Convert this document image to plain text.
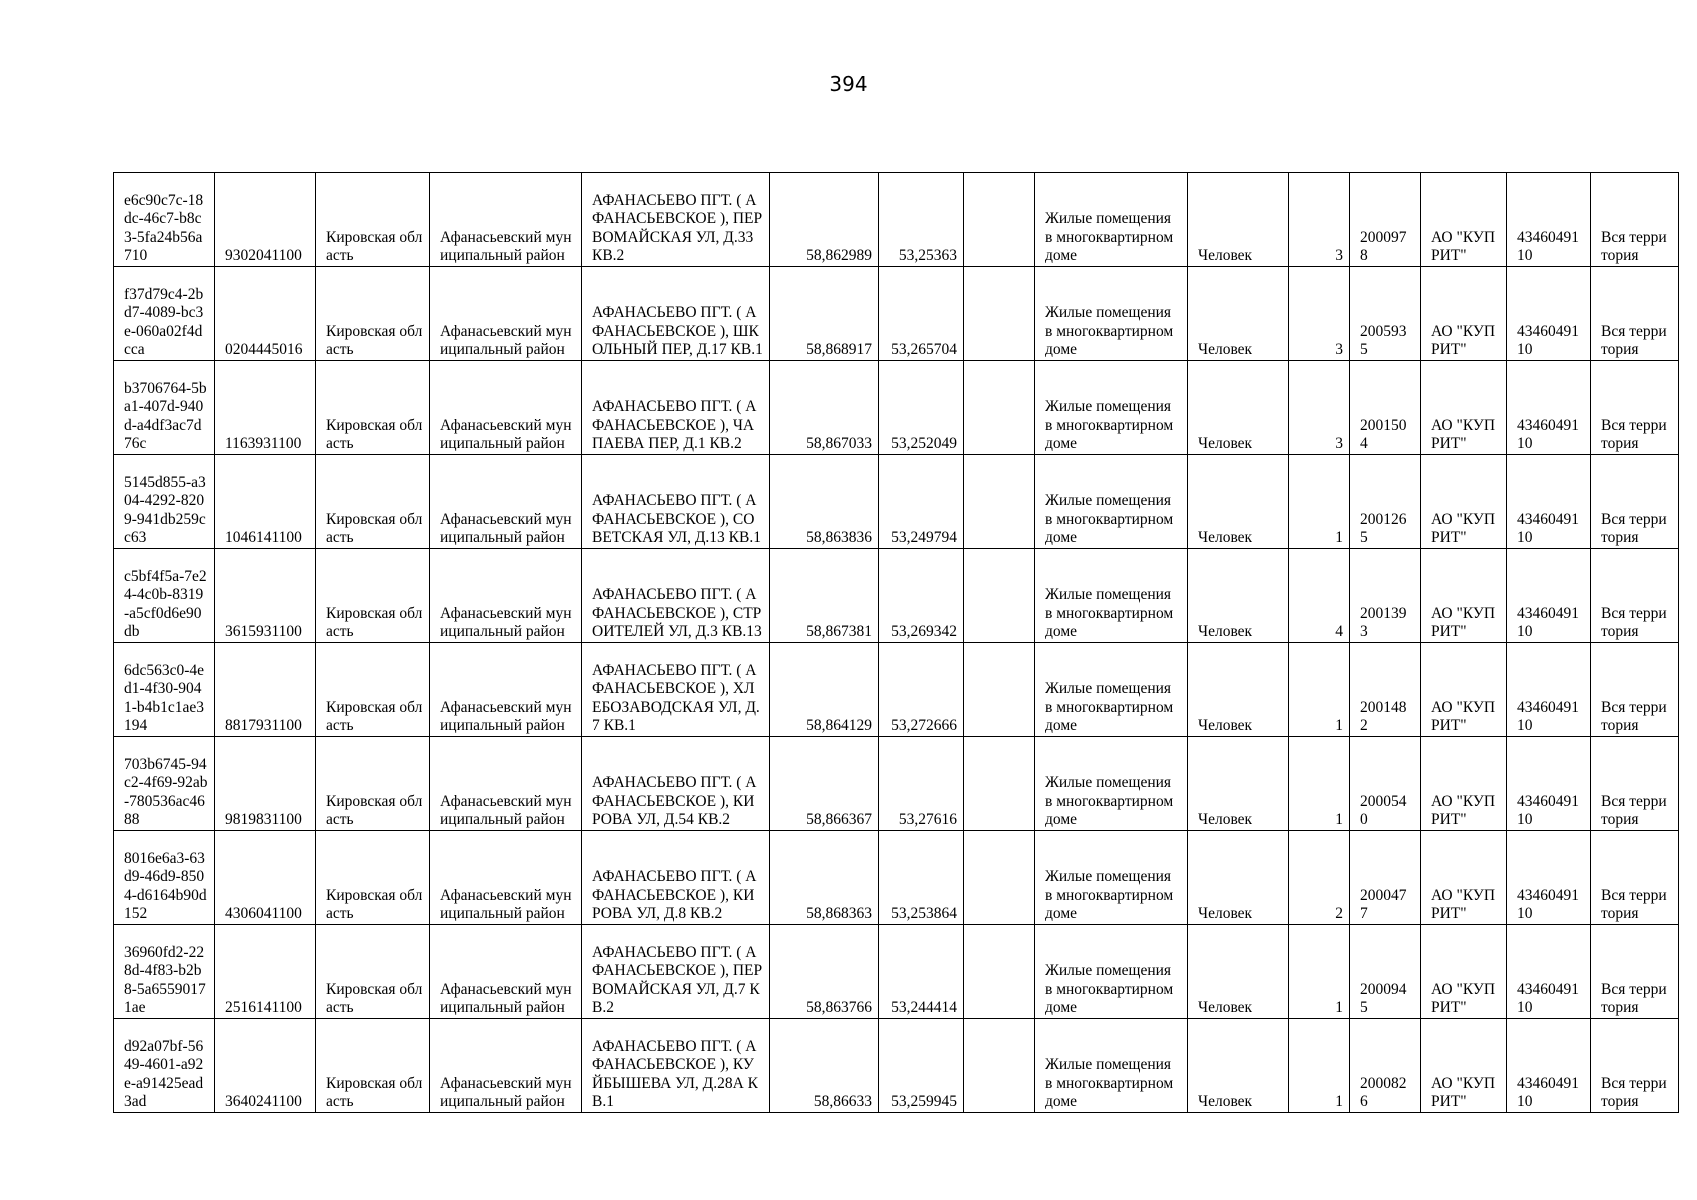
394
e6c90c7c-18dc-46c7-b8c3-5fa24b56a710	9302041100	Кировская область	Афанасьевский муниципальный район	АФАНАСЬЕВО ПГТ. ( АФАНАСЬЕВСКОЕ ), ПЕРВОМАЙСКАЯ УЛ, Д.33 КВ.2	58,862989	53,25363		Жилые помещения в многоквартирном доме	Человек	3	2000978	АО "КУПРИТ"	4346049110	Вся территория

f37d79c4-2bd7-4089-bc3e-060a02f4dcca	0204445016	Кировская область	Афанасьевский муниципальный район	АФАНАСЬЕВО ПГТ. ( АФАНАСЬЕВСКОЕ ), ШКОЛЬНЫЙ ПЕР, Д.17 КВ.1	58,868917	53,265704		Жилые помещения в многоквартирном доме	Человек	3	2005935	АО "КУПРИТ"	4346049110	Вся территория

b3706764-5ba1-407d-940d-a4df3ac7d76c	1163931100	Кировская область	Афанасьевский муниципальный район	АФАНАСЬЕВО ПГТ. ( АФАНАСЬЕВСКОЕ ), ЧАПАЕВА ПЕР, Д.1 КВ.2	58,867033	53,252049		Жилые помещения в многоквартирном доме	Человек	3	2001504	АО "КУПРИТ"	4346049110	Вся территория

5145d855-a304-4292-8209-941db259cc63	1046141100	Кировская область	Афанасьевский муниципальный район	АФАНАСЬЕВО ПГТ. ( АФАНАСЬЕВСКОЕ ), СОВЕТСКАЯ УЛ, Д.13 КВ.1	58,863836	53,249794		Жилые помещения в многоквартирном доме	Человек	1	2001265	АО "КУПРИТ"	4346049110	Вся территория

c5bf4f5a-7e24-4c0b-8319-a5cf0d6e90db	3615931100	Кировская область	Афанасьевский муниципальный район	АФАНАСЬЕВО ПГТ. ( АФАНАСЬЕВСКОЕ ), СТРОИТЕЛЕЙ УЛ, Д.3 КВ.13	58,867381	53,269342		Жилые помещения в многоквартирном доме	Человек	4	2001393	АО "КУПРИТ"	4346049110	Вся территория

6dc563c0-4ed1-4f30-9041-b4b1c1ae3194	8817931100	Кировская область	Афанасьевский муниципальный район	АФАНАСЬЕВО ПГТ. ( АФАНАСЬЕВСКОЕ ), ХЛЕБОЗАВОДСКАЯ УЛ, Д.7 КВ.1	58,864129	53,272666		Жилые помещения в многоквартирном доме	Человек	1	2001482	АО "КУПРИТ"	4346049110	Вся территория

703b6745-94c2-4f69-92ab-780536ac4688	9819831100	Кировская область	Афанасьевский муниципальный район	АФАНАСЬЕВО ПГТ. ( АФАНАСЬЕВСКОЕ ), КИРОВА УЛ, Д.54 КВ.2	58,866367	53,27616		Жилые помещения в многоквартирном доме	Человек	1	2000540	АО "КУПРИТ"	4346049110	Вся территория

8016e6a3-63d9-46d9-8504-d6164b90d152	4306041100	Кировская область	Афанасьевский муниципальный район	АФАНАСЬЕВО ПГТ. ( АФАНАСЬЕВСКОЕ ), КИРОВА УЛ, Д.8 КВ.2	58,868363	53,253864		Жилые помещения в многоквартирном доме	Человек	2	2000477	АО "КУПРИТ"	4346049110	Вся территория

36960fd2-228d-4f83-b2b8-5a65590171ae	2516141100	Кировская область	Афанасьевский муниципальный район	АФАНАСЬЕВО ПГТ. ( АФАНАСЬЕВСКОЕ ), ПЕРВОМАЙСКАЯ УЛ, Д.7 КВ.2	58,863766	53,244414		Жилые помещения в многоквартирном доме	Человек	1	2000945	АО "КУПРИТ"	4346049110	Вся территория

d92a07bf-5649-4601-a92e-a91425ead3ad	3640241100	Кировская область	Афанасьевский муниципальный район	АФАНАСЬЕВО ПГТ. ( АФАНАСЬЕВСКОЕ ), КУЙБЫШЕВА УЛ, Д.28А КВ.1	58,86633	53,259945		Жилые помещения в многоквартирном доме	Человек	1	2000826	АО "КУПРИТ"	4346049110	Вся территория
